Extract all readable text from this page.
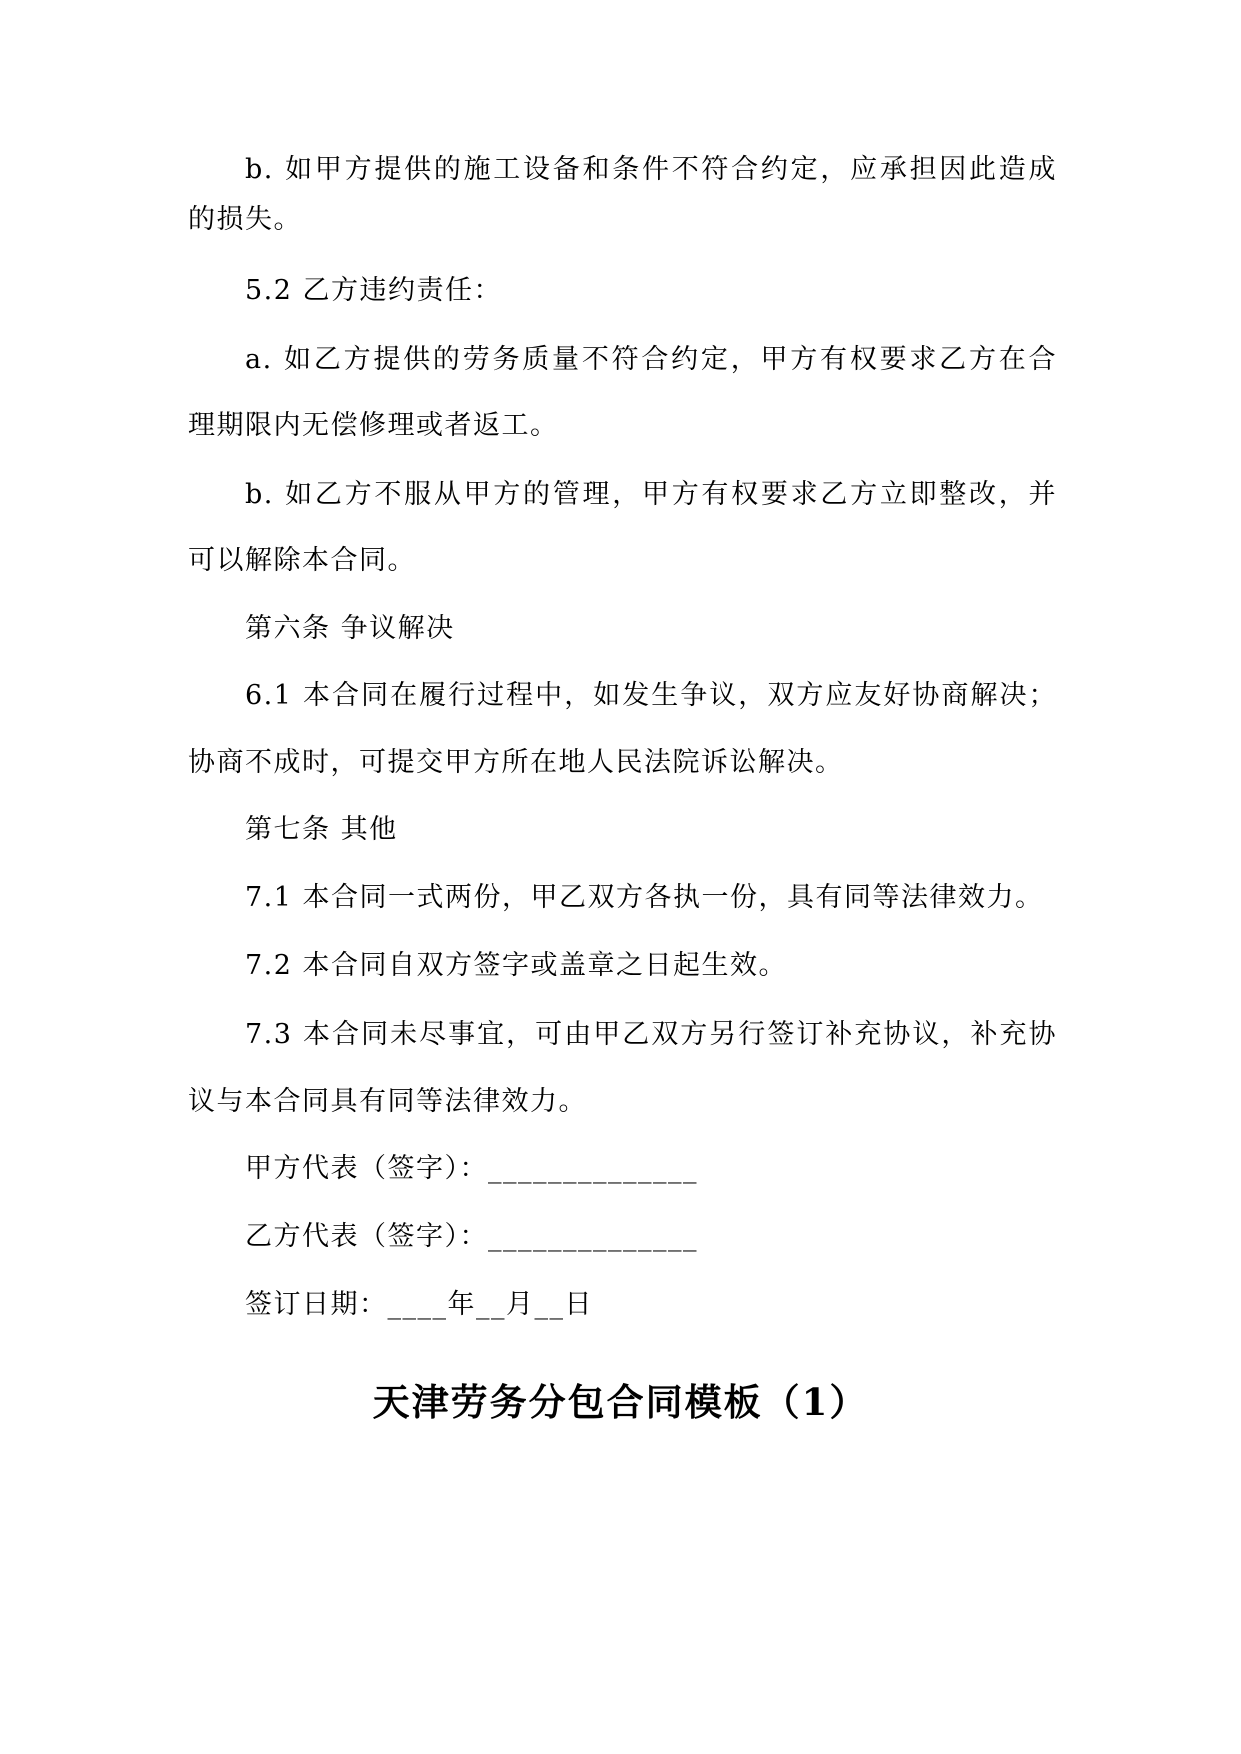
b. 如甲方提供的施工设备和条件不符合约定，应承担因此造成
的损失。
5.2 乙方违约责任：
a. 如乙方提供的劳务质量不符合约定，甲方有权要求乙方在合
理期限内无偿修理或者返工。
b. 如乙方不服从甲方的管理，甲方有权要求乙方立即整改，并
可以解除本合同。
第六条 争议解决
6.1 本合同在履行过程中，如发生争议，双方应友好协商解决；
协商不成时，可提交甲方所在地人民法院诉讼解决。
第七条 其他
7.1 本合同一式两份，甲乙双方各执一份，具有同等法律效力。
7.2 本合同自双方签字或盖章之日起生效。
7.3 本合同未尽事宜，可由甲乙双方另行签订补充协议，补充协
议与本合同具有同等法律效力。
甲方代表（签字）：______________
乙方代表（签字）：______________
签订日期：____年__月__日
天津劳务分包合同模板（1）
